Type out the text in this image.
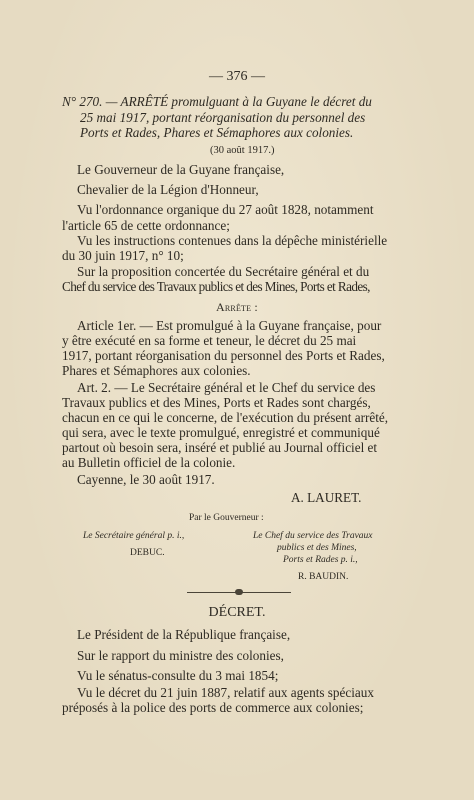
— 376 —
N° 270. — ARRÊTÉ promulguant à la Guyane le décret du
25 mai 1917, portant réorganisation du personnel des
Ports et Rades, Phares et Sémaphores aux colonies.
(30 août 1917.)
Le Gouverneur de la Guyane française,
Chevalier de la Légion d'Honneur,
Vu l'ordonnance organique du 27 août 1828, notamment
l'article 65 de cette ordonnance;
Vu les instructions contenues dans la dépêche ministérielle
du 30 juin 1917, n° 10;
Sur la proposition concertée du Secrétaire général et du
Chef du service des Travaux publics et des Mines, Ports et Rades,
Arrête :
Article 1er. — Est promulgué à la Guyane française, pour
y être exécuté en sa forme et teneur, le décret du 25 mai
1917, portant réorganisation du personnel des Ports et Rades,
Phares et Sémaphores aux colonies.
Art. 2. — Le Secrétaire général et le Chef du service des
Travaux publics et des Mines, Ports et Rades sont chargés,
chacun en ce qui le concerne, de l'exécution du présent arrêté,
qui sera, avec le texte promulgué, enregistré et communiqué
partout où besoin sera, inséré et publié au Journal officiel et
au Bulletin officiel de la colonie.
Cayenne, le 30 août 1917.
A. LAURET.
Par le Gouverneur :
Le Secrétaire général p. i.,
DEBUC.
Le Chef du service des Travaux
publics et des Mines,
Ports et Rades p. i.,
R. BAUDIN.
DÉCRET.
Le Président de la République française,
Sur le rapport du ministre des colonies,
Vu le sénatus-consulte du 3 mai 1854;
Vu le décret du 21 juin 1887, relatif aux agents spéciaux
préposés à la police des ports de commerce aux colonies;
